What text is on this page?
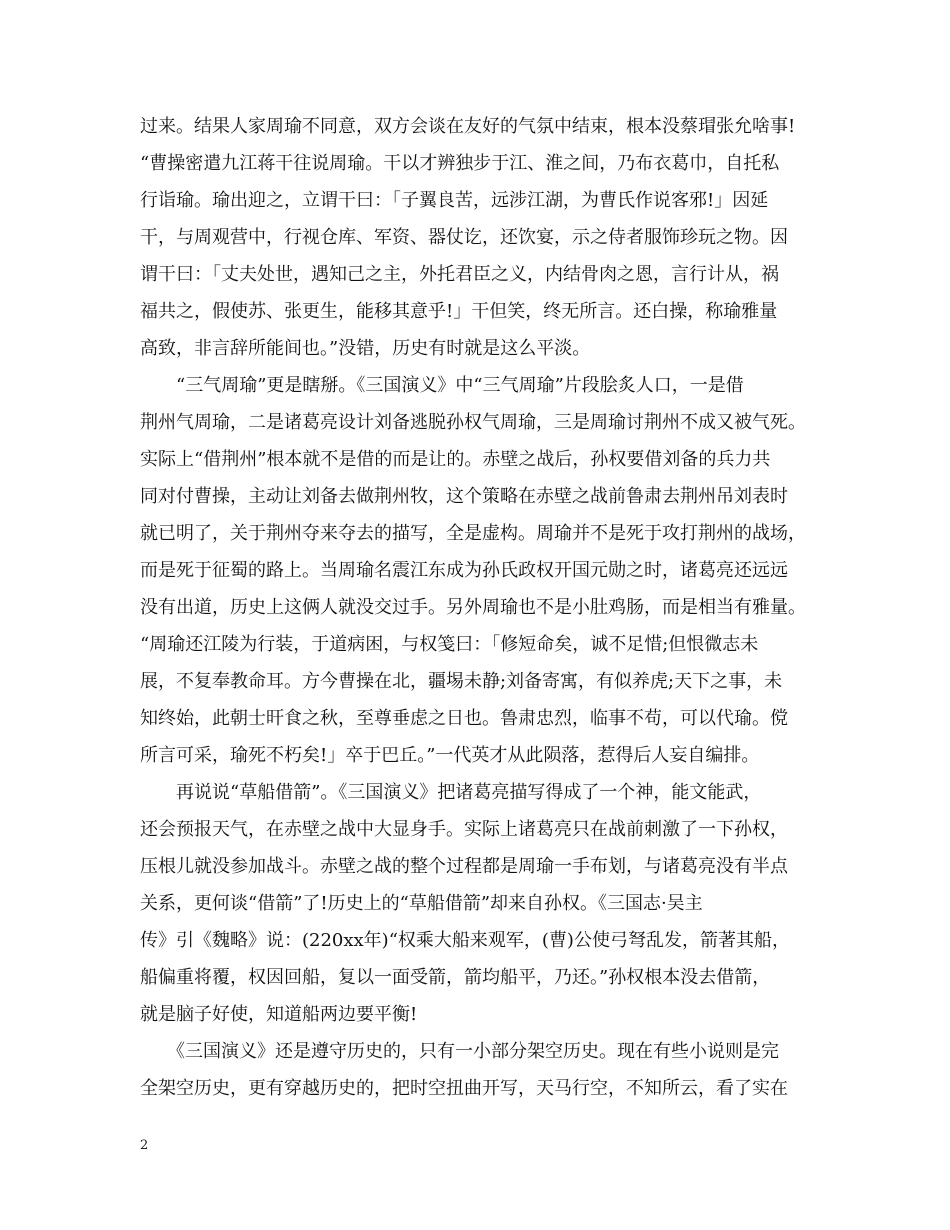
过来。结果人家周瑜不同意，双方会谈在友好的气氛中结束，根本没蔡瑁张允啥事!
“曹操密遣九江蒋干往说周瑜。干以才辨独步于江、淮之间，乃布衣葛巾，自托私
行诣瑜。瑜出迎之，立谓干曰：「子翼良苦，远涉江湖，为曹氏作说客邪!」因延
干，与周观营中，行视仓库、军资、器仗讫，还饮宴，示之侍者服饰珍玩之物。因
谓干曰：「丈夫处世，遇知己之主，外托君臣之义，内结骨肉之恩，言行计从，祸
福共之，假使苏、张更生，能移其意乎!」干但笑，终无所言。还白操，称瑜雅量
高致，非言辞所能间也。”没错，历史有时就是这么平淡。
　　“三气周瑜”更是瞎掰。《三国演义》中“三气周瑜”片段脍炙人口，一是借
荆州气周瑜，二是诸葛亮设计刘备逃脱孙权气周瑜，三是周瑜讨荆州不成又被气死。
实际上“借荆州”根本就不是借的而是让的。赤壁之战后，孙权要借刘备的兵力共
同对付曹操，主动让刘备去做荆州牧，这个策略在赤壁之战前鲁肃去荆州吊刘表时
就已明了，关于荆州夺来夺去的描写，全是虚构。周瑜并不是死于攻打荆州的战场，
而是死于征蜀的路上。当周瑜名震江东成为孙氏政权开国元勋之时，诸葛亮还远远
没有出道，历史上这俩人就没交过手。另外周瑜也不是小肚鸡肠，而是相当有雅量。
“周瑜还江陵为行装，于道病困，与权笺曰：「修短命矣，诚不足惜;但恨微志未
展，不复奉教命耳。方今曹操在北，疆埸未静;刘备寄寓，有似养虎;天下之事，未
知终始，此朝士旰食之秋，至尊垂虑之日也。鲁肃忠烈，临事不苟，可以代瑜。傥
所言可采，瑜死不朽矣!」卒于巴丘。”一代英才从此陨落，惹得后人妄自编排。
　　再说说“草船借箭”。《三国演义》把诸葛亮描写得成了一个神，能文能武，
还会预报天气，在赤壁之战中大显身手。实际上诸葛亮只在战前刺激了一下孙权，
压根儿就没参加战斗。赤壁之战的整个过程都是周瑜一手布划，与诸葛亮没有半点
关系，更何谈“借箭”了!历史上的“草船借箭”却来自孙权。《三国志·吴主
传》引《魏略》说：(220xx年)“权乘大船来观军，(曹)公使弓弩乱发，箭著其船，
船偏重将覆，权因回船，复以一面受箭，箭均船平，乃还。”孙权根本没去借箭，
就是脑子好使，知道船两边要平衡!
　　《三国演义》还是遵守历史的，只有一小部分架空历史。现在有些小说则是完
全架空历史，更有穿越历史的，把时空扭曲开写，天马行空，不知所云，看了实在
2
